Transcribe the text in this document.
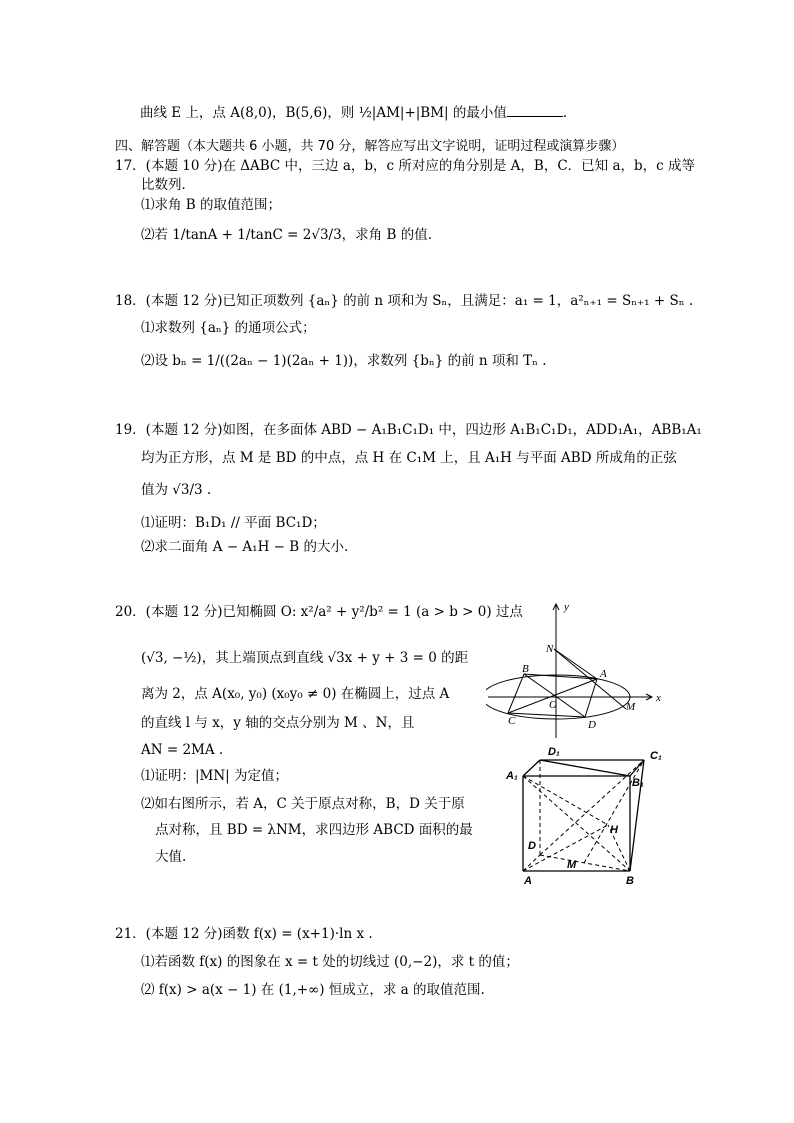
曲线 E 上，点 A(8,0)，B(5,6)，则 ½|AM|+|BM| 的最小值	.
四、解答题（本大题共 6 小题，共 70 分，解答应写出文字说明，证明过程或演算步骤）
17．(本题 10 分)在 ΔABC 中，三边 a，b，c 所对应的角分别是 A，B，C．已知 a，b，c 成等
比数列．
⑴求角 B 的取值范围；
⑵若 1/tanA + 1/tanC = 2√3/3，求角 B 的值.
18．(本题 12 分)已知正项数列 {aₙ} 的前 n 项和为 Sₙ，且满足：a₁ = 1，a²ₙ₊₁ = Sₙ₊₁ + Sₙ .
⑴求数列 {aₙ} 的通项公式；
⑵设 bₙ = 1/((2aₙ − 1)(2aₙ + 1))，求数列 {bₙ} 的前 n 项和 Tₙ .
19．(本题 12 分)如图，在多面体 ABD − A₁B₁C₁D₁ 中，四边形 A₁B₁C₁D₁，ADD₁A₁，ABB₁A₁
均为正方形，点 M 是 BD 的中点，点 H 在 C₁M 上，且 A₁H 与平面 ABD 所成角的正弦
值为 √3/3 .
⑴证明：B₁D₁ // 平面 BC₁D；
⑵求二面角 A − A₁H − B 的大小.
20．(本题 12 分)已知椭圆 O: x²/a² + y²/b² = 1 (a > b > 0) 过点
(√3, −½)，其上端顶点到直线 √3x + y + 3 = 0 的距
离为 2，点 A(x₀, y₀) (x₀y₀ ≠ 0) 在椭圆上，过点 A
的直线 l 与 x，y 轴的交点分别为 M 、N，且
AN = 2MA .
⑴证明：|MN| 为定值；
⑵如右图所示，若 A，C 关于原点对称，B，D 关于原
点对称，且 BD = λNM，求四边形 ABCD 面积的最
大值.
21．(本题 12 分)函数 f(x) = (x+1)·ln x .
⑴若函数 f(x) 的图象在 x = t 处的切线过 (0,−2)，求 t 的值；
⑵ f(x) > a(x − 1) 在 (1,+∞) 恒成立，求 a 的取值范围.
y
x
N
A
B
O	M
C	D
D₁	C₁
A₁
B₁
H
D
M
A	B
